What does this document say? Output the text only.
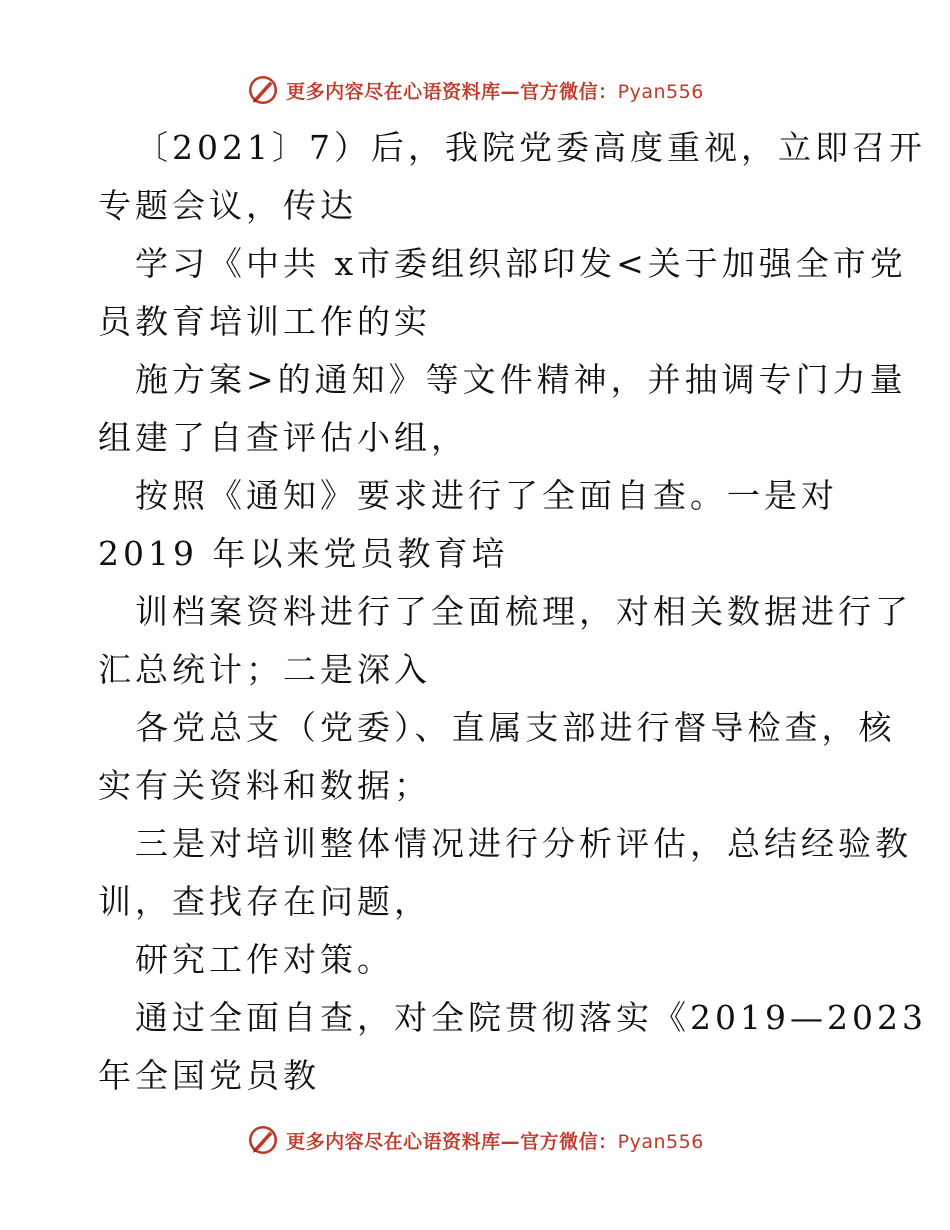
更多内容尽在心语资料库—官方微信：Pyan556
〔2021〕7）后，我院党委高度重视，立即召开
专题会议，传达
学习《中共 x市委组织部印发<关于加强全市党
员教育培训工作的实
施方案>的通知》等文件精神，并抽调专门力量
组建了自查评估小组，
按照《通知》要求进行了全面自查。一是对
2019 年以来党员教育培
训档案资料进行了全面梳理，对相关数据进行了
汇总统计；二是深入
各党总支（党委）、直属支部进行督导检查，核
实有关资料和数据；
三是对培训整体情况进行分析评估，总结经验教
训，查找存在问题，
研究工作对策。
通过全面自查，对全院贯彻落实《2019—2023
年全国党员教
更多内容尽在心语资料库—官方微信：Pyan556
